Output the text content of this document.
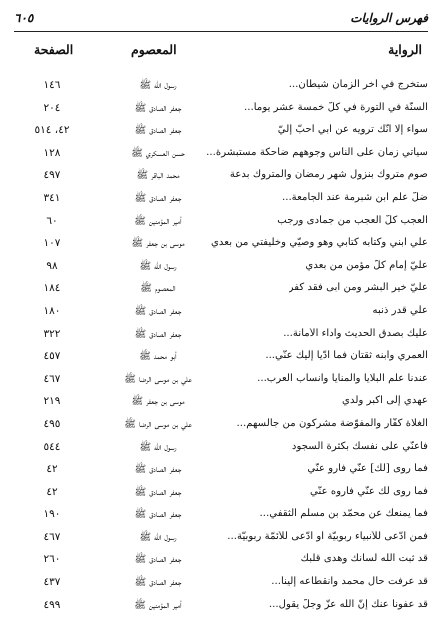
فهرس الروايات
٦٠٥
الرواية
المعصوم
الصفحة
ستخرج في آخر الزمان شيطان...
رسول الله ﷺ
١٤٦
السنّة في التورة في كلّ خمسة عشر يوماً...
جعفر الصادق ﷺ
٢٠٤
سواء إلّا أنّك ترويه عن أبي أحبّ إليّ
جعفر الصادق ﷺ
٤٢، ٥١٤
سيأتي زمان على الناس وجوههم ضاحكة مستبشرة...
حسن العسكري ﷺ
١٢٨
صوم متروك بنزول شهر رمضان والمتروك بدعة
محمد الباقر ﷺ
٤٩٧
ضلّ علم ابن شبرمة عند الجامعة...
جعفر الصادق ﷺ
٣٤١
العجب كلّ العجب من جمادى ورجب
أمير المؤمنين ﷺ
٦٠
علي ابني وكتابه كتابي وهو وصيّي وخليفتي من بعدي
موسى بن جعفر ﷺ
١٠٧
عليّ إمام كلّ مؤمن من بعدي
رسول الله ﷺ
٩٨
عليّ خير البشر ومن أبى فقد كفر
المعصوم ﷺ
١٨٤
علي قدر ذنبه
جعفر الصادق ﷺ
١٨٠
عليك بصدق الحديث وأداء الأمانة...
جعفر الصادق ﷺ
٣٢٢
العمري وابنه ثقتان فما أدّيا إليك عنّي...
أبو محمد ﷺ
٤٥٧
عندنا علم البلايا والمنايا وأنساب العرب...
علي بن موسى الرضا ﷺ
٤٦٧
عهدي إلى أكبر ولدي
موسى بن جعفر ﷺ
٢١٩
الغلاة كفّار والمفوّضة مشركون من جالسهم...
علي بن موسى الرضا ﷺ
٤٩٥
فأعنّي على نفسك بكثرة السجود
رسول الله ﷺ
٥٤٤
فما روى [لك] عنّي فارو عنّي
جعفر الصادق ﷺ
٤٢
فما روى لك عنّي فاروه عنّي
جعفر الصادق ﷺ
٤٢
فما يمنعك عن محمّد بن مسلم الثقفي...
جعفر الصادق ﷺ
١٩٠
فمن ادّعى للأنبياء ربوبيّة أو ادّعى للأئمّة ربوبيّة...
رسول الله ﷺ
٤٦٧
قد ثبت الله لسانك وهدى قلبك
جعفر الصادق ﷺ
٢٦٠
قد عرفت حال محمد وانقطاعه إلينا...
جعفر الصادق ﷺ
٤٣٧
قد عفونا عنك إنّ الله عزّ وجلّ يقول...
أمير المؤمنين ﷺ
٤٩٩
